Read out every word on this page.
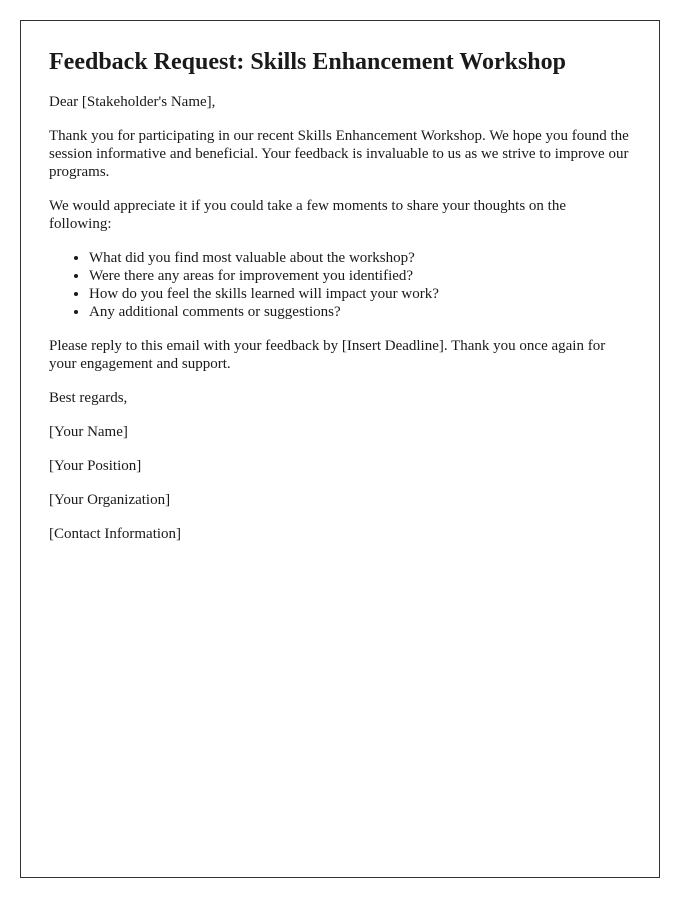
Feedback Request: Skills Enhancement Workshop

Dear [Stakeholder's Name],

Thank you for participating in our recent Skills Enhancement Workshop. We hope you found the session informative and beneficial. Your feedback is invaluable to us as we strive to improve our programs.

We would appreciate it if you could take a few moments to share your thoughts on the following:

• What did you find most valuable about the workshop?
• Were there any areas for improvement you identified?
• How do you feel the skills learned will impact your work?
• Any additional comments or suggestions?

Please reply to this email with your feedback by [Insert Deadline]. Thank you once again for your engagement and support.

Best regards,

[Your Name]

[Your Position]

[Your Organization]

[Contact Information]
